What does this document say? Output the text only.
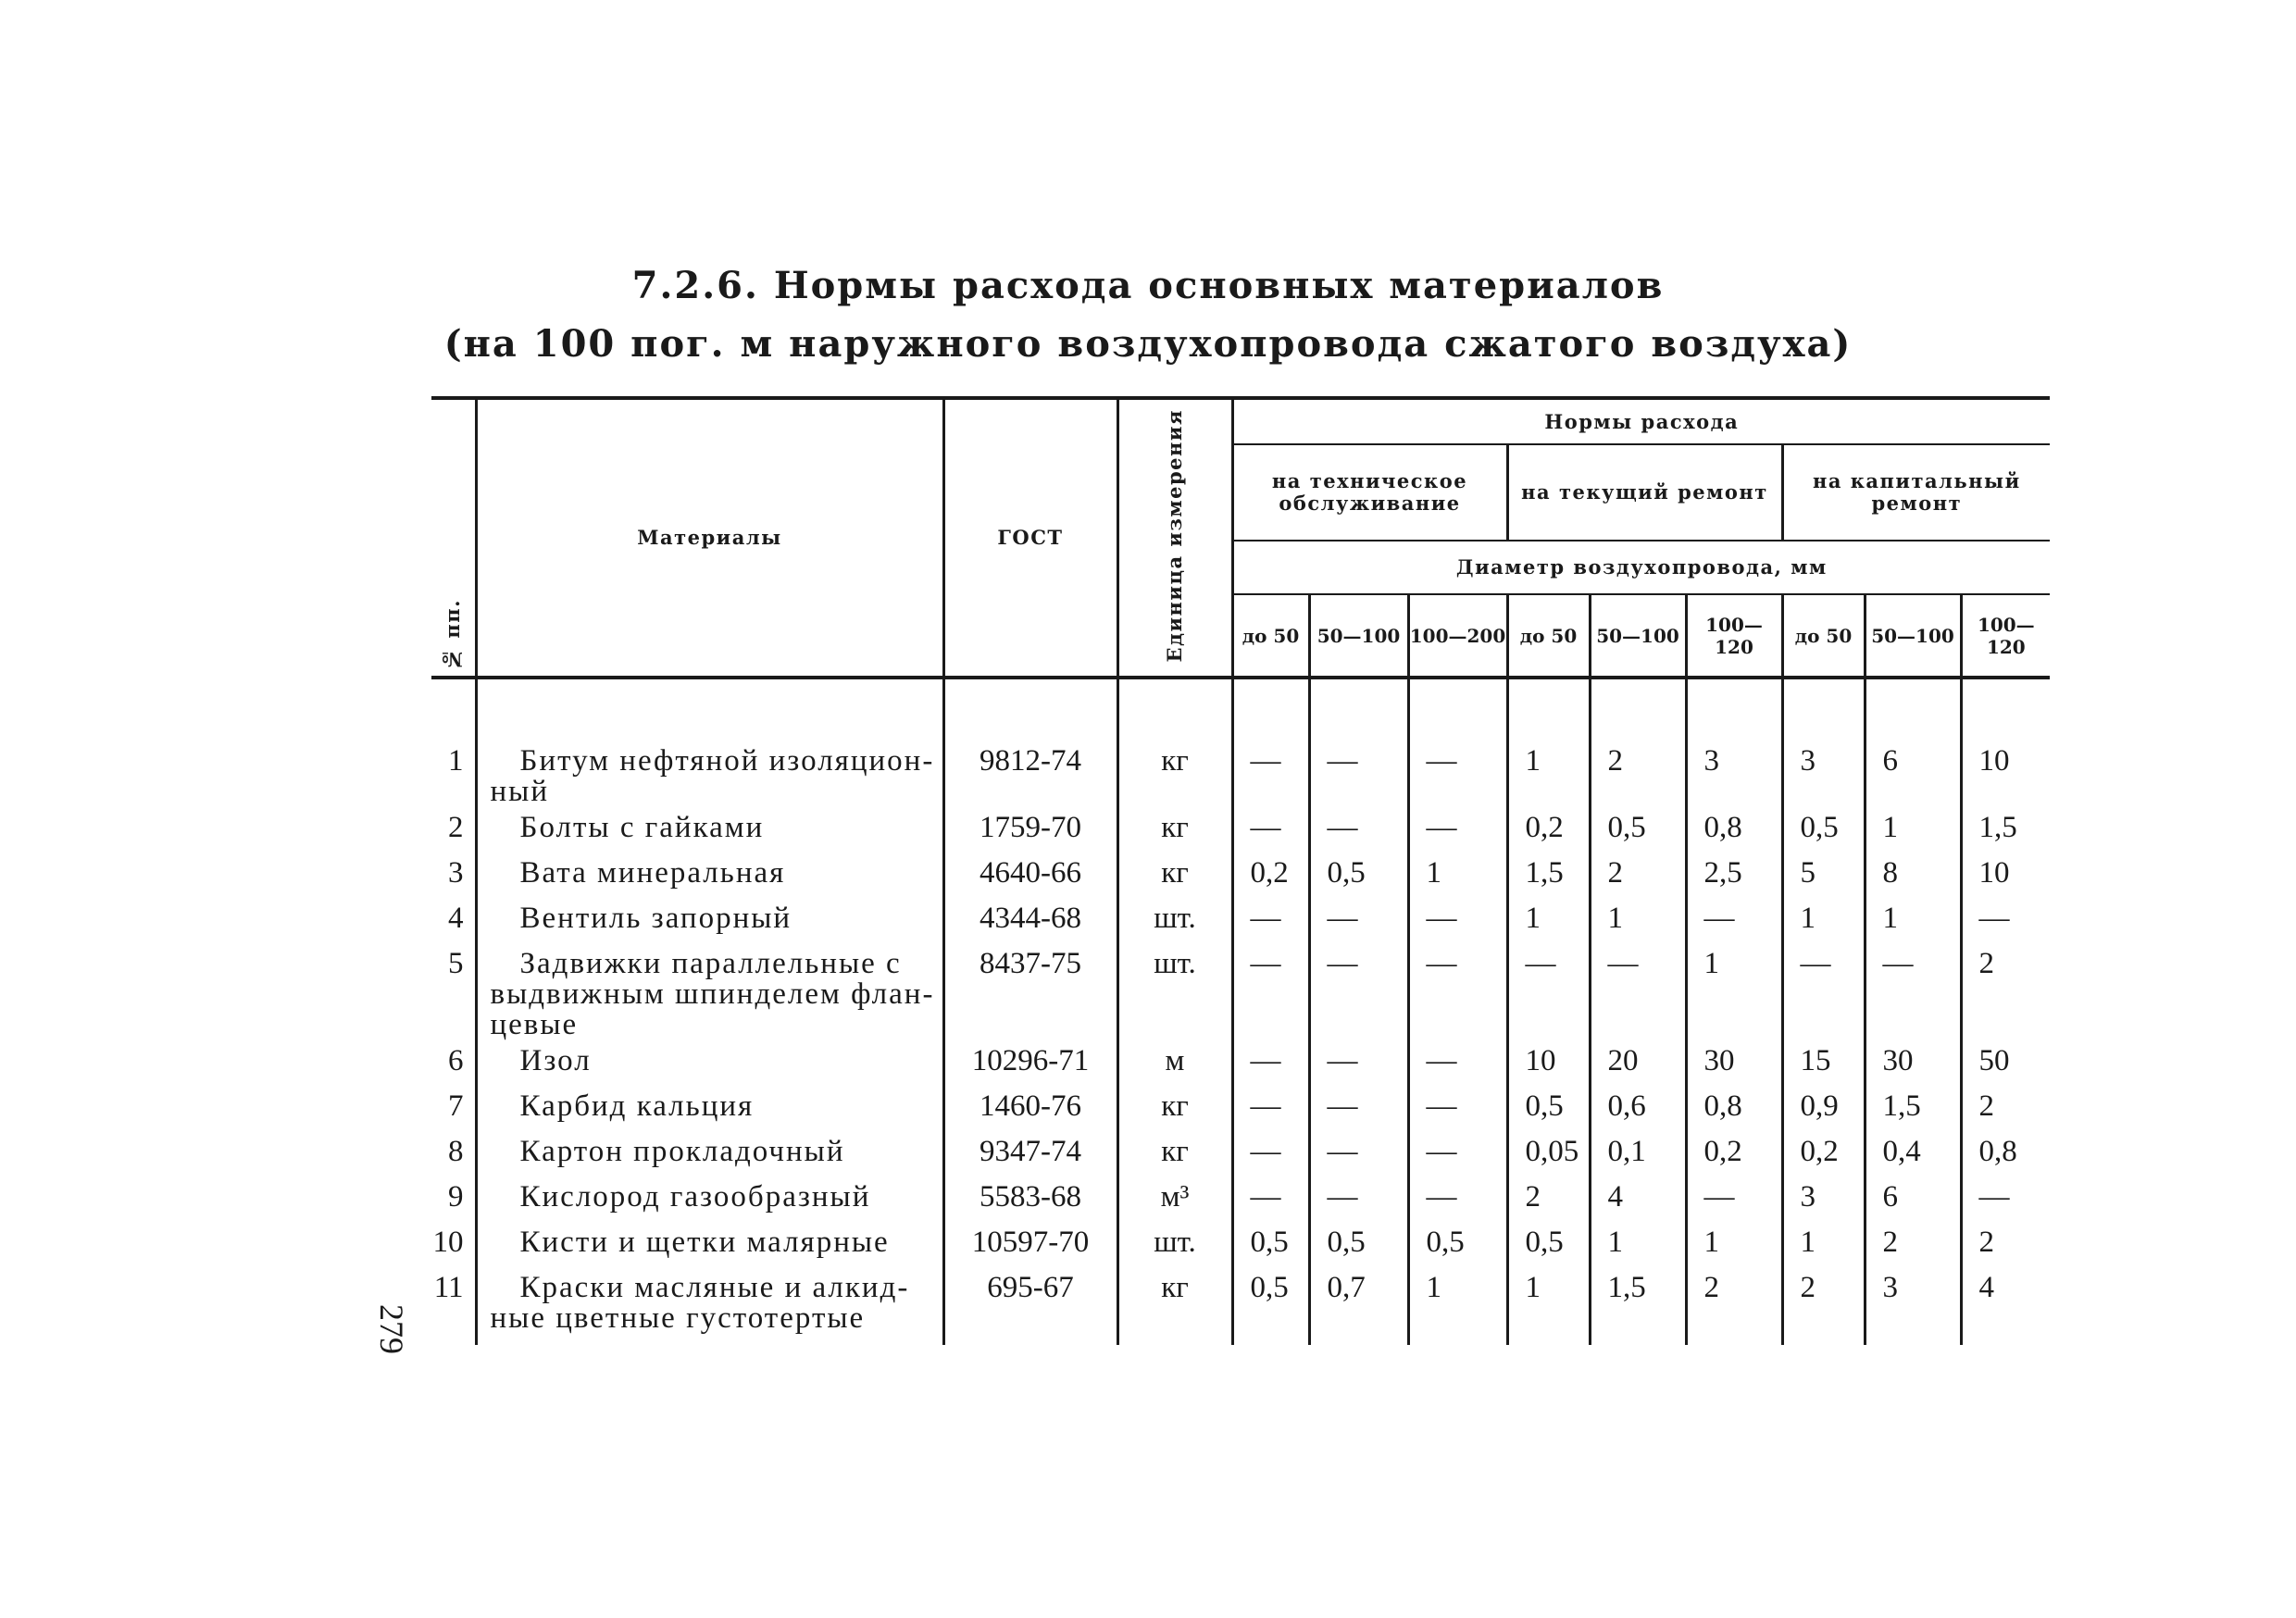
7.2.6. Нормы расхода основных материалов
(на 100 пог. м наружного воздухопровода сжатого воздуха)
№ пп.	Материалы	ГОСТ	Единица измерения	Нормы расхода								
				на техническое обслуживание			на текущий ремонт			на капитальный ремонт		
				Диаметр воздухопровода, мм								
				до 50	50—100	100—200	до 50	50—100	100—120	до 50	50—100	100—120

1	Битум нефтяной изоляцион-ный	9812-74	кг	—	—	—	1	2	3	3	6	10
2	Болты с гайками	1759-70	кг	—	—	—	0,2	0,5	0,8	0,5	1	1,5
3	Вата минеральная	4640-66	кг	0,2	0,5	1	1,5	2	2,5	5	8	10
4	Вентиль запорный	4344-68	шт.	—	—	—	1	1	—	1	1	—
5	Задвижки параллельные с выдвижным шпинделем флан-цевые	8437-75	шт.	—	—	—	—	—	1	—	—	2
6	Изол	10296-71	м	—	—	—	10	20	30	15	30	50
7	Карбид кальция	1460-76	кг	—	—	—	0,5	0,6	0,8	0,9	1,5	2
8	Картон прокладочный	9347-74	кг	—	—	—	0,05	0,1	0,2	0,2	0,4	0,8
9	Кислород газообразный	5583-68	м³	—	—	—	2	4	—	3	6	—
10	Кисти и щетки малярные	10597-70	шт.	0,5	0,5	0,5	0,5	1	1	1	2	2
11	Краски масляные и алкид-ные цветные густотертые	695-67	кг	0,5	0,7	1	1	1,5	2	2	3	4
279
